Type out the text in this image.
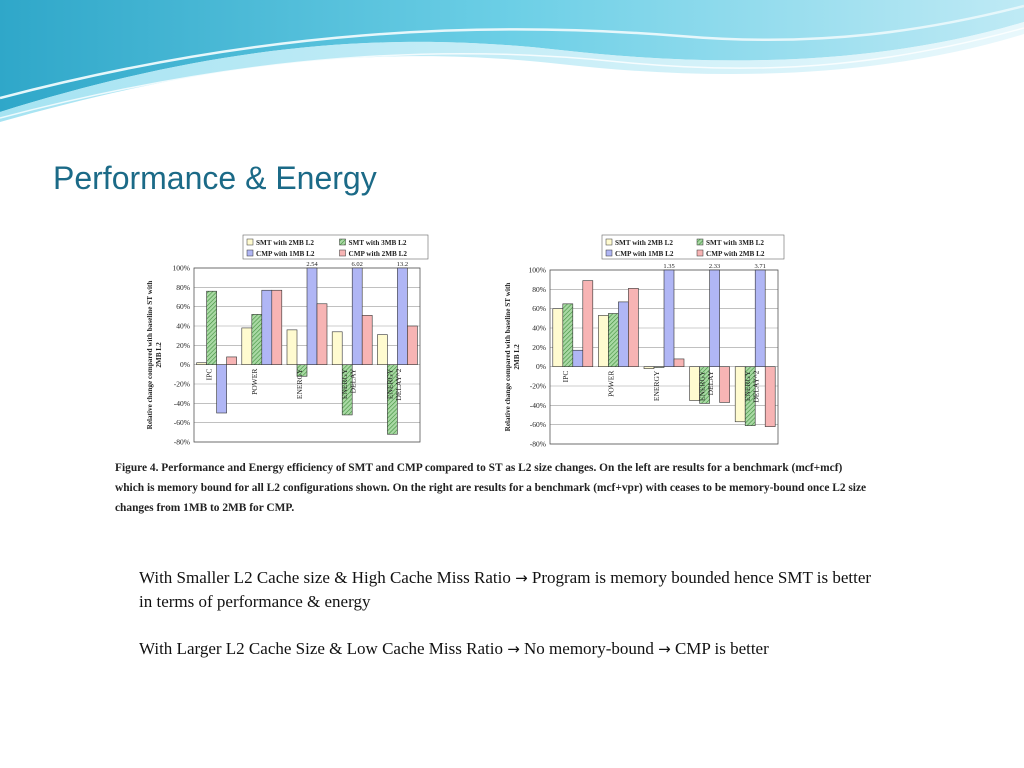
Performance & Energy
Relative change compared with baseline ST with2MB L2
100%
80%
60%
40%
20%
0%
-20%
-40%
-60%
-80%
IPC	POWER
2.54
ENERGY
6.02
ENERGYDELAY
13.2
ENERGYDELAY^2
SMT with 2MB L2	SMT with 3MB L2
CMP with 1MB L2	CMP with 2MB L2
Relative change compared with baseline ST with2MB L2
100%
80%
60%
40%
20%
0%
-20%
-40%
-60%
-80%
IPC	POWER
1.35
ENERGY
2.33
ENERGYDELAY
3.71
ENERGYDELAY^2
SMT with 2MB L2	SMT with 3MB L2
CMP with 1MB L2	CMP with 2MB L2
Figure 4. Performance and Energy efficiency of SMT and CMP compared to ST as L2 size changes. On the left are results for a benchmark (mcf+mcf) which is memory bound for all L2 configurations shown. On the right are results for a benchmark (mcf+vpr) with ceases to be memory-bound once L2 size changes from 1MB to 2MB for CMP.

With Smaller L2 Cache size & High Cache Miss Ratio → Program is memory bounded hence SMT is better in terms of performance & energy

With Larger L2 Cache Size & Low Cache Miss Ratio → No memory-bound → CMP is better
